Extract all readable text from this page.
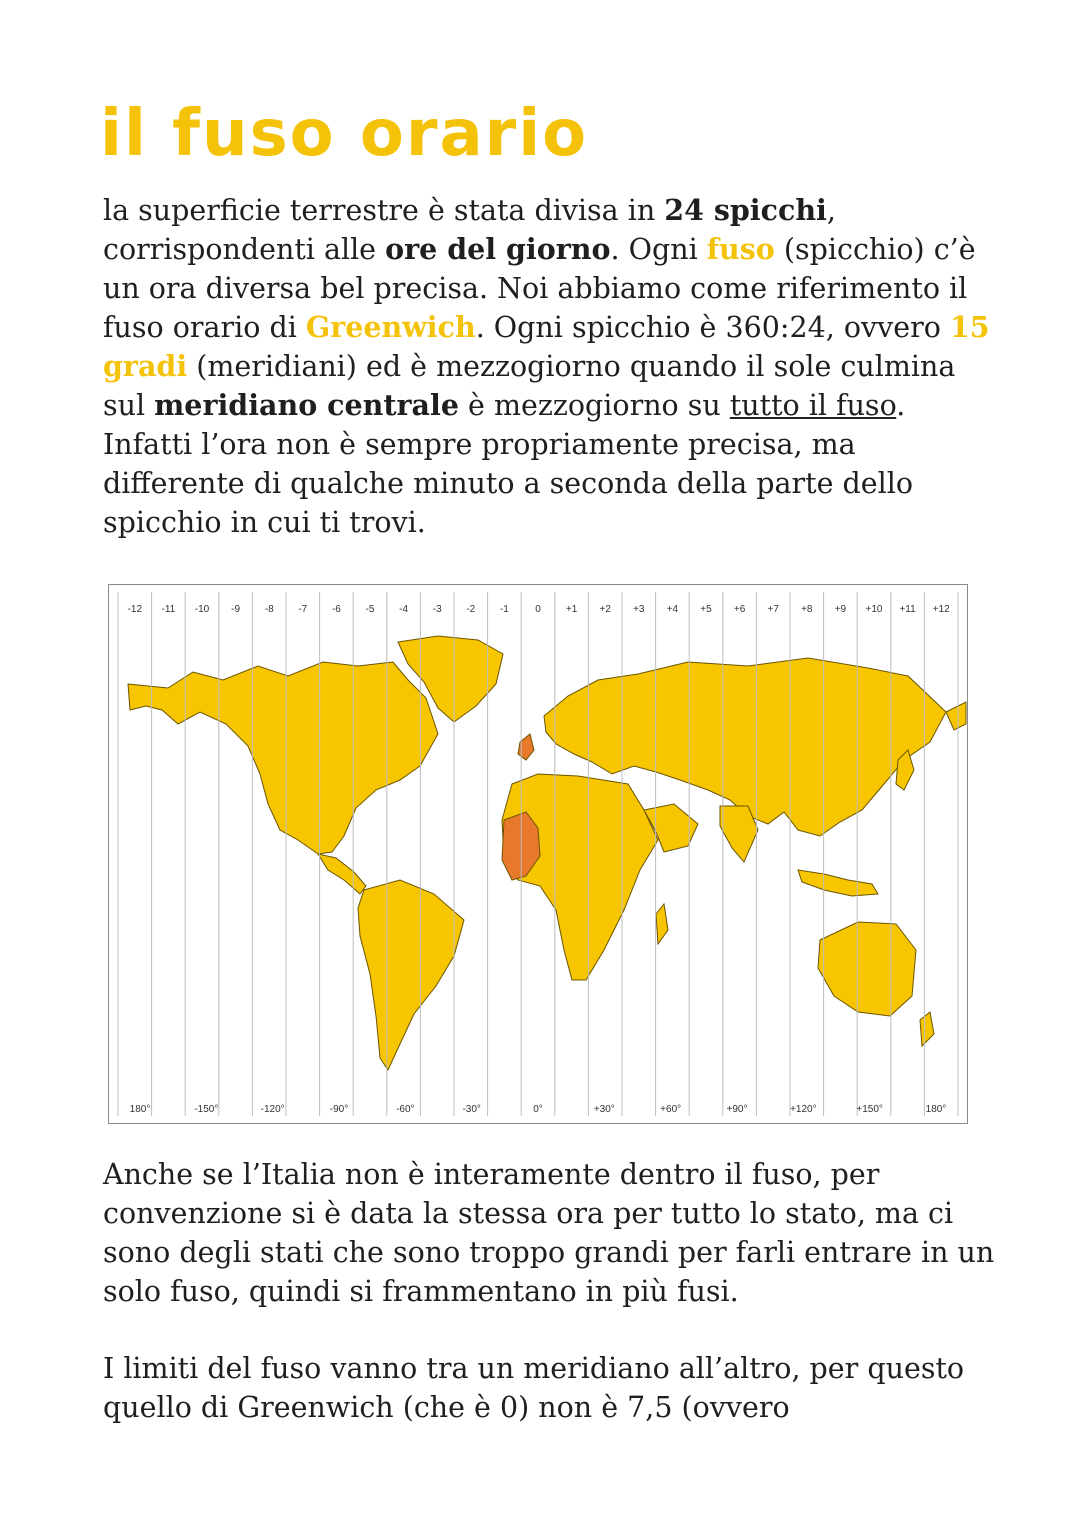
il fuso orario

la superficie terrestre è stata divisa in 24 spicchi, corrispondenti alle ore del giorno. Ogni fuso (spicchio) c’è un ora diversa bel precisa. Noi abbiamo come riferimento il fuso orario di Greenwich. Ogni spicchio è 360:24, ovvero 15 gradi (meridiani) ed è mezzogiorno quando il sole culmina sul meridiano centrale è mezzogiorno su tutto il fuso. Infatti l’ora non è sempre propriamente precisa, ma differente di qualche minuto a seconda della parte dello spicchio in cui ti trovi.

-12 -11 -10 -9 -8 -7 -6 -5 -4 -3 -2 -1	0	+1 +2 +3 +4 +5 +6 +7 +8 +9 +10 +11 +12
180°	-150°	-120°	-90°	-60°	-30°	0°	+30°	+60°	+90°	+120°	+150°	180°

Anche se l’Italia non è interamente dentro il fuso, per convenzione si è data la stessa ora per tutto lo stato, ma ci sono degli stati che sono troppo grandi per farli entrare in un solo fuso, quindi si frammentano in più fusi.

I limiti del fuso vanno tra un meridiano all’altro, per questo quello di Greenwich (che è 0) non è 7,5 (ovvero
